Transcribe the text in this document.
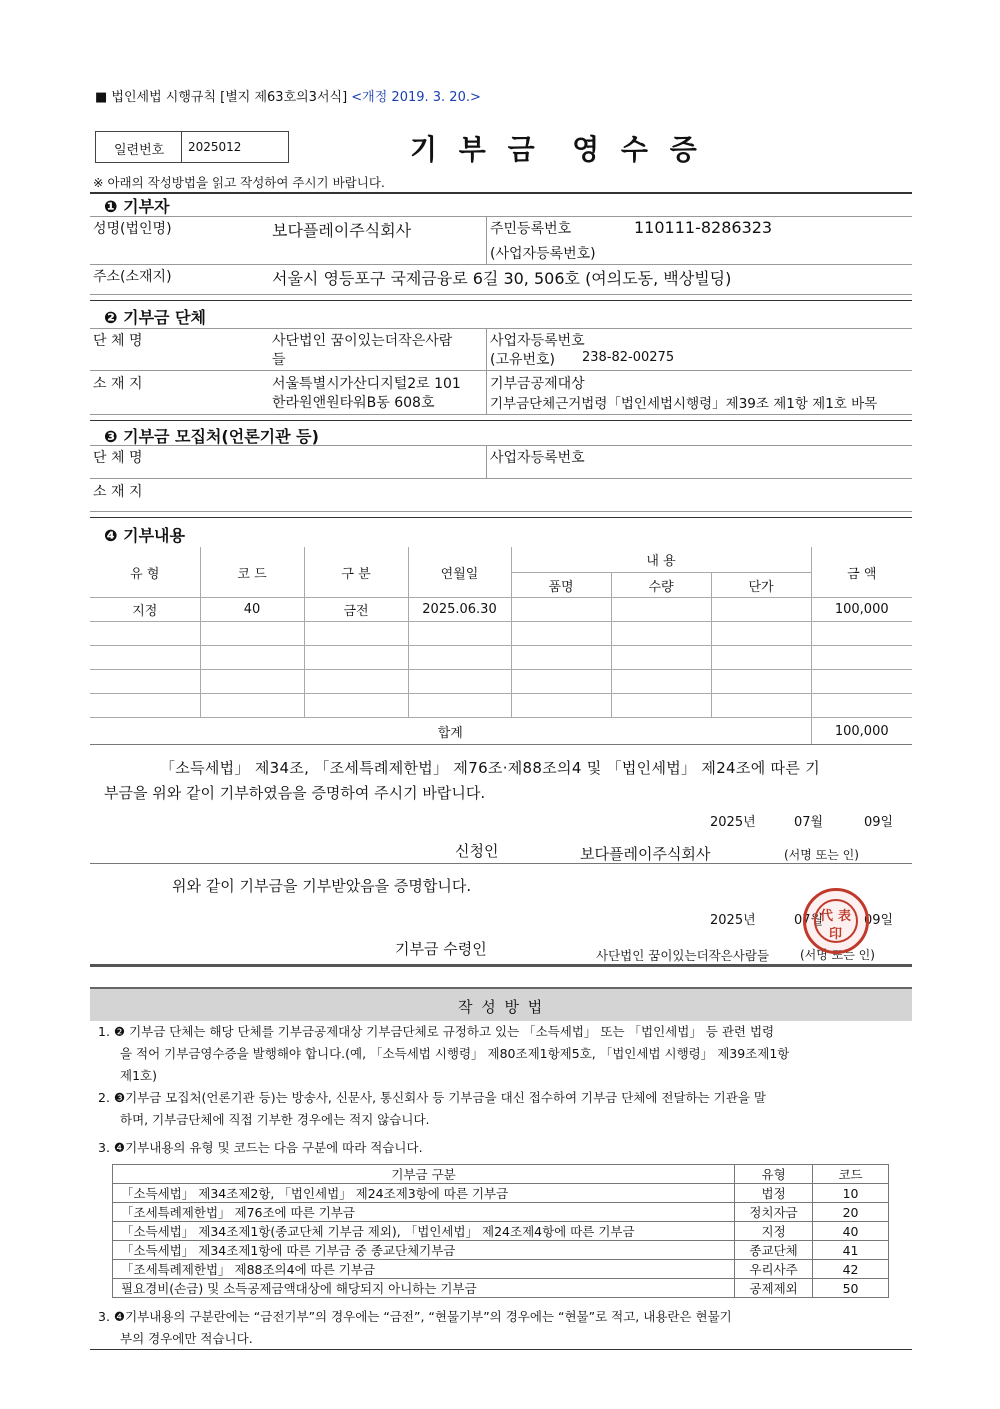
■ 법인세법 시행규칙 [별지 제63호의3서식] <개정 2019. 3. 20.>
일련번호 2025012	기 부 금  영 수 증
※ 아래의 작성방법을 읽고 작성하여 주시기 바랍니다.
❶ 기부자
성명(법인명)	보다플레이주식회사	주민등록번호
(사업자등록번호)
110111-8286323
주소(소재지)	서울시 영등포구 국제금융로 6길 30, 506호 (여의도동, 백상빌딩)
❷ 기부금 단체
단 체 명	사단법인 꿈이있는더작은사람
들
사업자등록번호
(고유번호) 238-82-00275
소 재 지	서울특별시가산디지털2로 101
한라원앤원타워B동 608호
기부금공제대상
기부금단체근거법령「법인세법시행령」제39조 제1항 제1호 바목
❸ 기부금 모집처(언론기관 등)
단 체 명	사업자등록번호
소 재 지
❹ 기부내용
유 형	코 드	구 분	연월일	내 용			금 액
				품명	수량	단가	
지정	40	금전	2025.06.30				100,000

합계							100,000
「소득세법」 제34조, 「조세특례제한법」 제76조·제88조의4 및 「법인세법」 제24조에 따른 기
부금을 위와 같이 기부하였음을 증명하여 주시기 바랍니다.
2025년	07월	09일
신청인	보다플레이주식회사	(서명 또는 인)
위와 같이 기부금을 기부받았음을 증명합니다.
2025년	07월	09일
기부금 수령인	사단법인 꿈이있는더작은사람들	(서명 또는 인)
代 表
印
작 성 방 법
1. ❷ 기부금 단체는 해당 단체를 기부금공제대상 기부금단체로 규정하고 있는 「소득세법」 또는 「법인세법」 등 관련 법령
을 적어 기부금영수증을 발행해야 합니다.(예, 「소득세법 시행령」 제80조제1항제5호, 「법인세법 시행령」 제39조제1항
제1호)
2. ❸기부금 모집처(언론기관 등)는 방송사, 신문사, 통신회사 등 기부금을 대신 접수하여 기부금 단체에 전달하는 기관을 말
하며, 기부금단체에 직접 기부한 경우에는 적지 않습니다.
3. ❹기부내용의 유형 및 코드는 다음 구분에 따라 적습니다.
기부금 구분	유형	코드
「소득세법」 제34조제2항, 「법인세법」 제24조제3항에 따른 기부금	법정	10
「조세특례제한법」 제76조에 따른 기부금	정치자금	20
「소득세법」 제34조제1항(종교단체 기부금 제외), 「법인세법」 제24조제4항에 따른 기부금	지정	40
「소득세법」 제34조제1항에 따른 기부금 중 종교단체기부금	종교단체	41
「조세특례제한법」 제88조의4에 따른 기부금	우리사주	42
필요경비(손금) 및 소득공제금액대상에 해당되지 아니하는 기부금	공제제외	50
3. ❹기부내용의 구분란에는 “금전기부”의 경우에는 “금전”, “현물기부”의 경우에는 “현물”로 적고, 내용란은 현물기
부의 경우에만 적습니다.
